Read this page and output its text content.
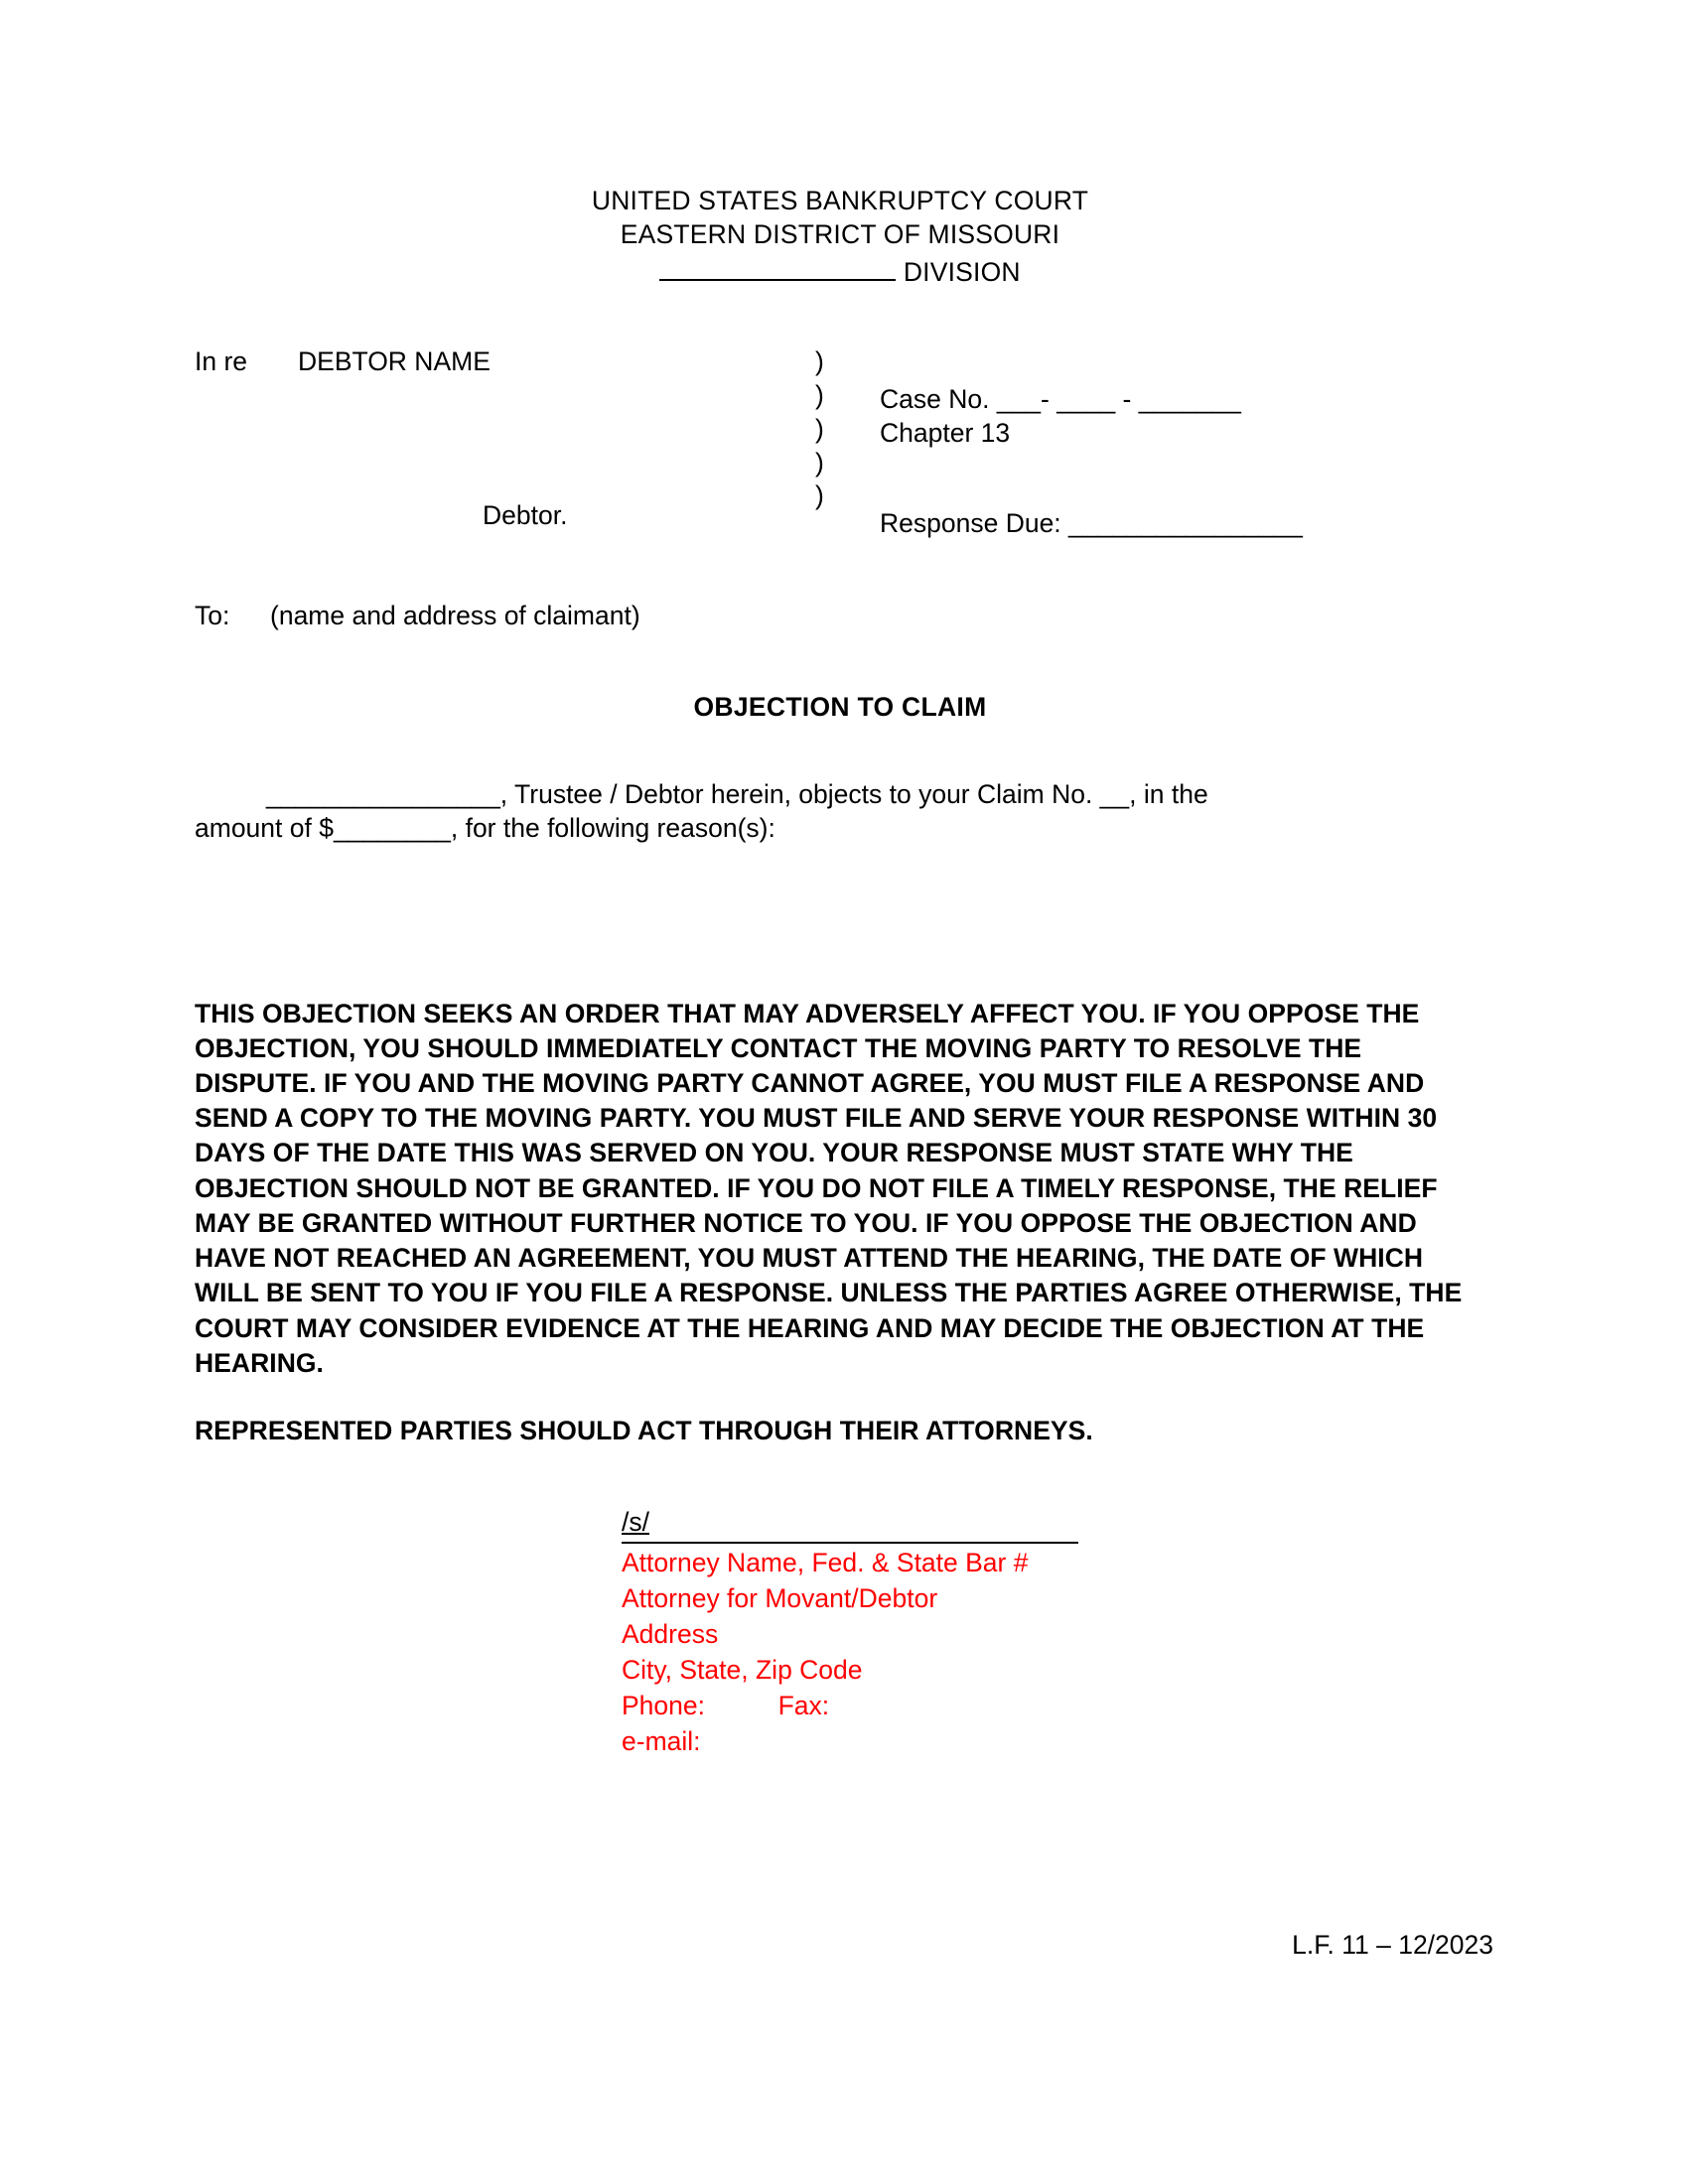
UNITED STATES BANKRUPTCY COURT
EASTERN DISTRICT OF MISSOURI
DIVISION
In re DEBTOR NAME
Debtor.
)
)
)
)
)
Case No. ___- ____ - _______
Chapter 13
Response Due: ________________
To: (name and address of claimant)
OBJECTION TO CLAIM
________________, Trustee / Debtor herein, objects to your Claim No. __, in the
amount of $________, for the following reason(s):
THIS OBJECTION SEEKS AN ORDER THAT MAY ADVERSELY AFFECT YOU. IF YOU OPPOSE THE OBJECTION, YOU SHOULD IMMEDIATELY CONTACT THE MOVING PARTY TO RESOLVE THE DISPUTE. IF YOU AND THE MOVING PARTY CANNOT AGREE, YOU MUST FILE A RESPONSE AND SEND A COPY TO THE MOVING PARTY. YOU MUST FILE AND SERVE YOUR RESPONSE WITHIN 30 DAYS OF THE DATE THIS WAS SERVED ON YOU. YOUR RESPONSE MUST STATE WHY THE OBJECTION SHOULD NOT BE GRANTED. IF YOU DO NOT FILE A TIMELY RESPONSE, THE RELIEF MAY BE GRANTED WITHOUT FURTHER NOTICE TO YOU. IF YOU OPPOSE THE OBJECTION AND HAVE NOT REACHED AN AGREEMENT, YOU MUST ATTEND THE HEARING, THE DATE OF WHICH WILL BE SENT TO YOU IF YOU FILE A RESPONSE. UNLESS THE PARTIES AGREE OTHERWISE, THE COURT MAY CONSIDER EVIDENCE AT THE HEARING AND MAY DECIDE THE OBJECTION AT THE HEARING.
REPRESENTED PARTIES SHOULD ACT THROUGH THEIR ATTORNEYS.
/s/
Attorney Name, Fed. & State Bar #
Attorney for Movant/Debtor
Address
City, State, Zip Code
Phone:          Fax:
e-mail:
L.F. 11 – 12/2023
